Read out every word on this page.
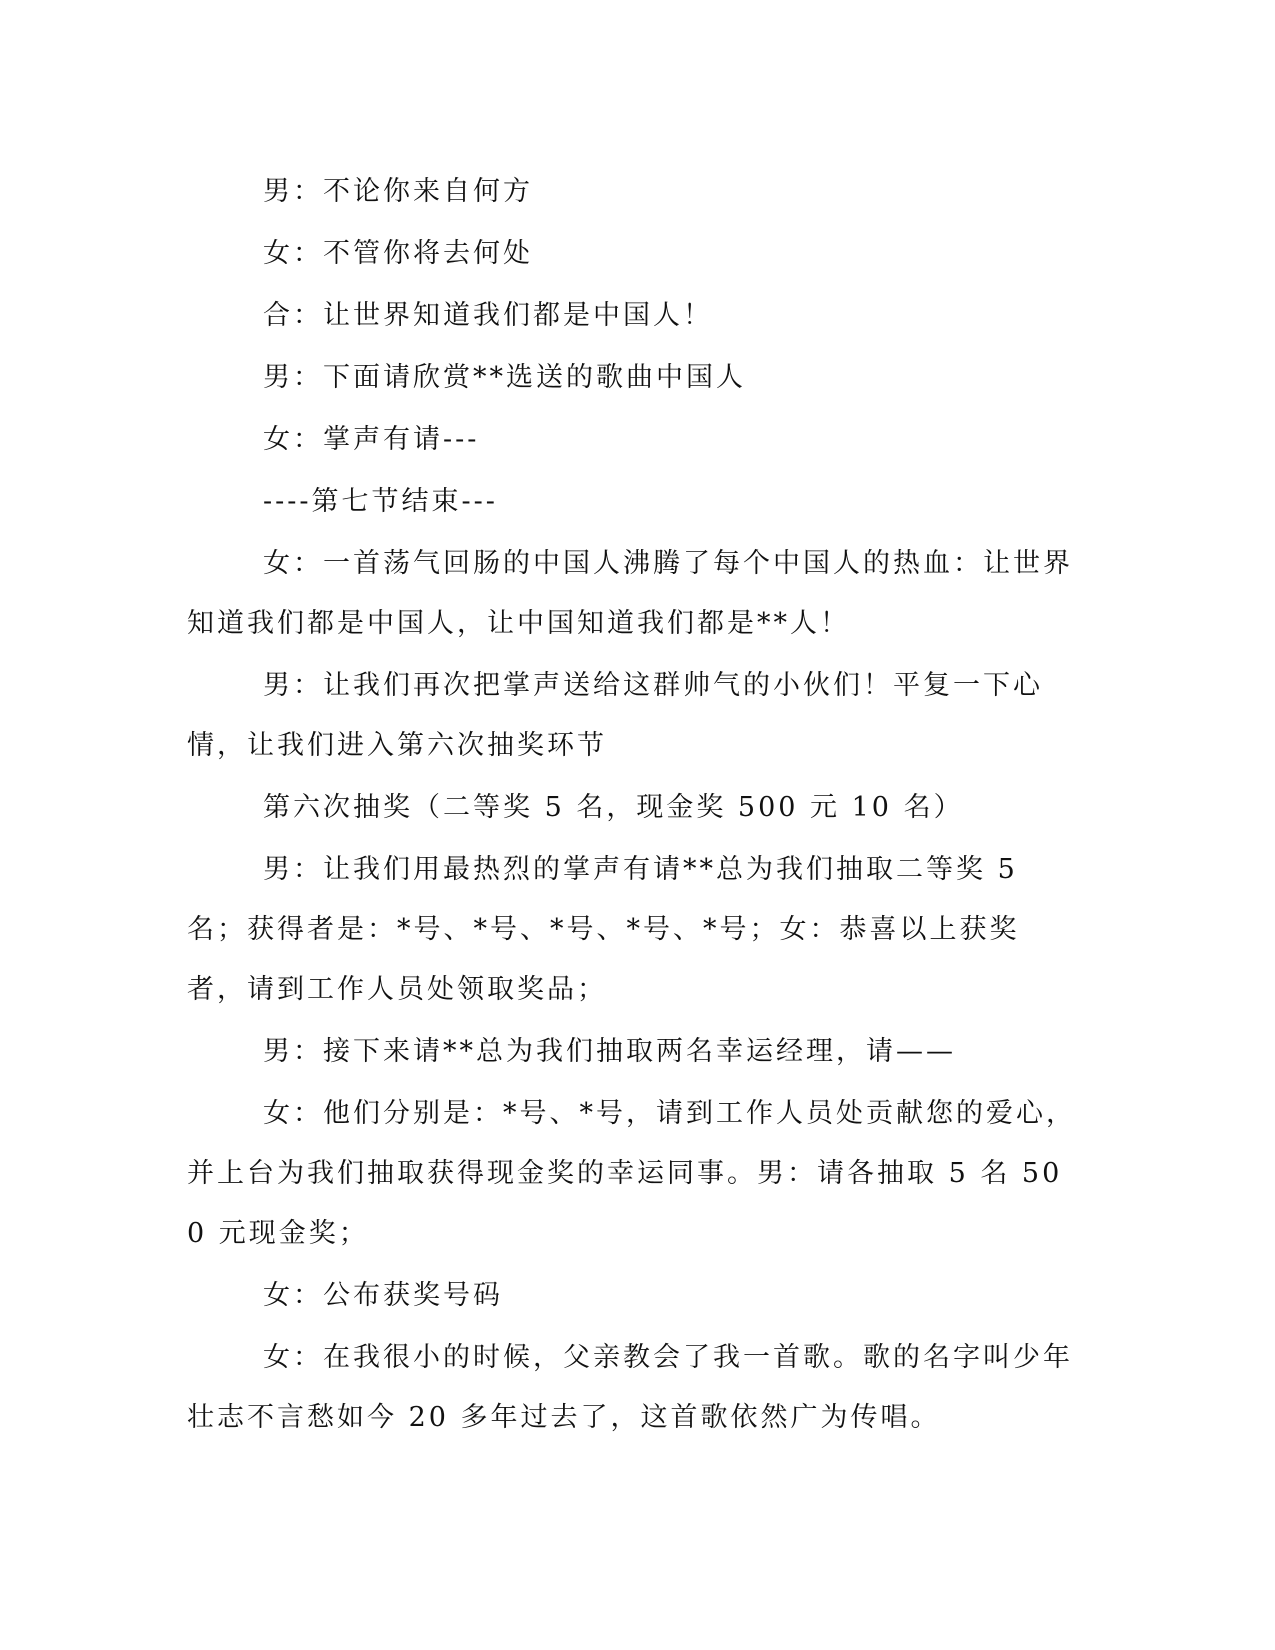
男：不论你来自何方

女：不管你将去何处

合：让世界知道我们都是中国人！

男：下面请欣赏**选送的歌曲中国人

女：掌声有请---

----第七节结束---

女：一首荡气回肠的中国人沸腾了每个中国人的热血：让世界知道我们都是中国人，让中国知道我们都是**人！

男：让我们再次把掌声送给这群帅气的小伙们！平复一下心情，让我们进入第六次抽奖环节

第六次抽奖（二等奖 5 名，现金奖 500 元 10 名）

男：让我们用最热烈的掌声有请**总为我们抽取二等奖 5 名；获得者是：*号、*号、*号、*号、*号；女：恭喜以上获奖者，请到工作人员处领取奖品；

男：接下来请**总为我们抽取两名幸运经理，请——

女：他们分别是：*号、*号，请到工作人员处贡献您的爱心，并上台为我们抽取获得现金奖的幸运同事。男：请各抽取 5 名 500 元现金奖；

女：公布获奖号码

女：在我很小的时候，父亲教会了我一首歌。歌的名字叫少年壮志不言愁如今 20 多年过去了，这首歌依然广为传唱。
